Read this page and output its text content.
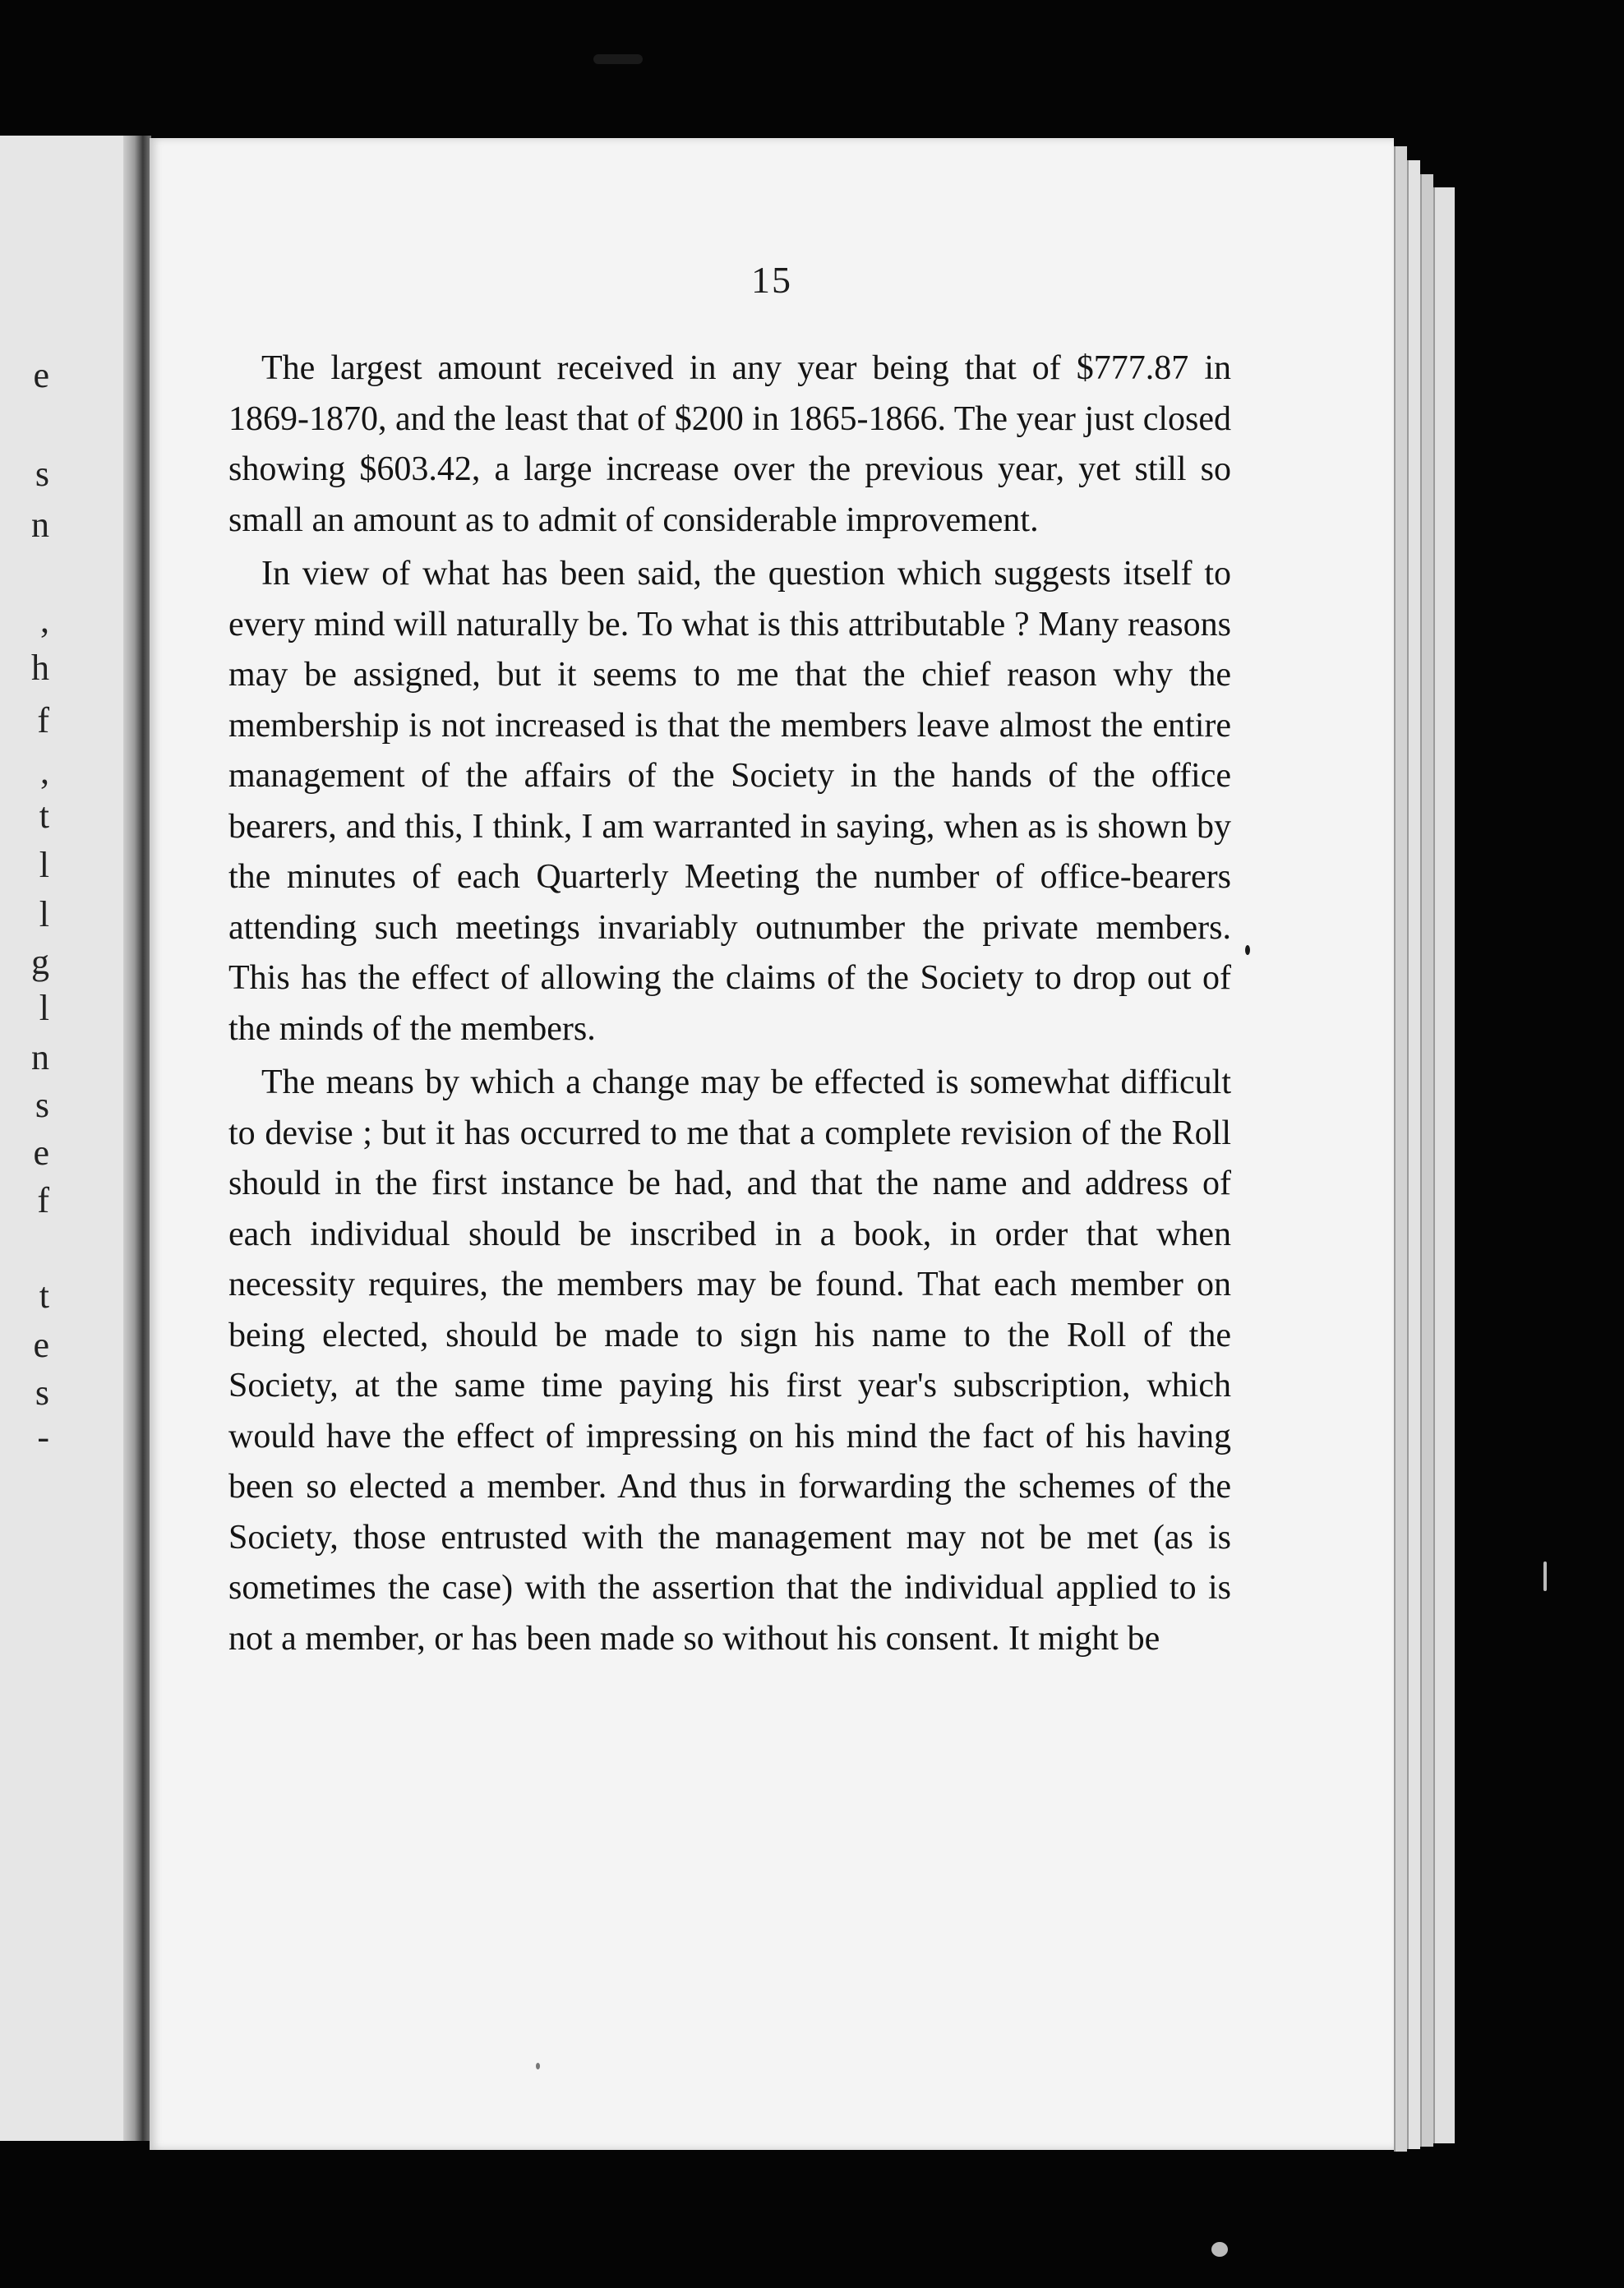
e
s
n
,
h
f
,
t
l
l
g
l
n
s
e
f
t
e
s
-
15

The largest amount received in any year being that of $777.87 in 1869-1870, and the least that of $200 in 1865-1866. The year just closed showing $603.42, a large increase over the previous year, yet still so small an amount as to admit of considerable improvement.

In view of what has been said, the question which suggests itself to every mind will naturally be. To what is this attributable ? Many reasons may be assigned, but it seems to me that the chief reason why the membership is not increased is that the members leave almost the entire management of the affairs of the Society in the hands of the office bearers, and this, I think, I am warranted in saying, when as is shown by the minutes of each Quarterly Meeting the number of office-bearers attending such meetings invariably outnumber the private members. This has the effect of allowing the claims of the Society to drop out of the minds of the members.

The means by which a change may be effected is somewhat difficult to devise ; but it has occurred to me that a complete revision of the Roll should in the first instance be had, and that the name and address of each individual should be inscribed in a book, in order that when necessity requires, the members may be found. That each member on being elected, should be made to sign his name to the Roll of the Society, at the same time paying his first year's subscription, which would have the effect of impressing on his mind the fact of his having been so elected a member. And thus in forwarding the schemes of the Society, those entrusted with the management may not be met (as is sometimes the case) with the assertion that the individual applied to is not a member, or has been made so without his consent. It might be
